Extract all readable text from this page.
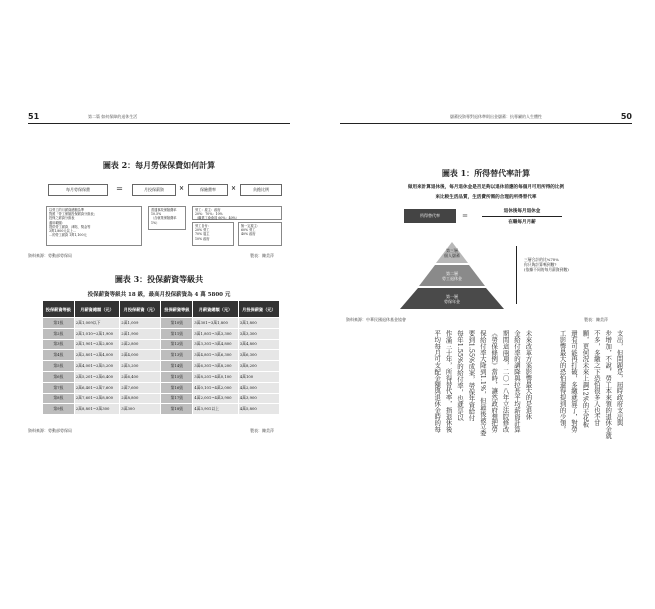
51	第二篇 如何保障的退休生活
圖表 2：每月勞保保費如何計算
每月勞保保費	＝	月投保薪資	×	保險費率	×	負擔比例
以勞工的月薪資總額為準
對照「勞工保險投保薪資分級表」
投保之薪資分級表
適用範圍：
提供勞工薪資、津貼、獎金等
3萬1,800元以上…
…的勞工薪資 1萬1,100元
普通事故保險費率
10.5%
（含就業保險費率1%）
勞工：雇主：政府
20%：70%：10%
（職業工會會員 60%：40%）
勞工自付：
20% 勞工
70% 雇主
10% 政府
無一定雇主：
60% 勞工
40% 政府
資料來源：勞動部勞保局	製表：陳美萍
圖表 3：投保薪資等級共
投保薪資等級共 18 級，最高月投保薪資為 4 萬 5800 元
投保薪資等級	月薪資總額（元）	月投保薪資（元）	投保薪資等級	月薪資總額（元）	月投保薪資（元）
第1級	2萬1,009以下	2萬1,009	第10級	3萬301~3萬1,800	3萬1,800
第2級	2萬1,010~2萬1,900	2萬1,900	第11級	3萬1,801~3萬3,300	3萬3,300
第3級	2萬1,901~2萬2,800	2萬2,800	第12級	3萬3,301~3萬4,800	3萬4,800
第4級	2萬2,801~2萬4,000	2萬4,000	第13級	3萬4,801~3萬6,300	3萬6,300
第5級	2萬4,001~2萬5,200	2萬5,200	第14級	3萬6,301~3萬8,200	3萬8,200
第6級	2萬5,201~2萬6,400	2萬6,400	第15級	3萬8,201~4萬0,100	4萬100
第7級	2萬6,401~2萬7,600	2萬7,600	第16級	4萬0,101~4萬2,000	4萬2,000
第8級	2萬7,601~2萬8,800	2萬8,800	第17級	4萬2,001~4萬3,900	4萬3,900
第9級	2萬8,801~3萬300	3萬300	第18級	4萬3,901以上	4萬5,800
資料來源：勞動部勞保局	製表：陳美萍
儲蓄投資專對退休準則出金儲蓄：抗專屬的人生體性	50
圖表 1：所得替代率計算
做用來計算退休後，每月退休金是否足夠以退休前應的每個月可用所得的比例
來比較生活品質，生活費所需的合理的所得替代率
所得替代率	＝
退休後每月退休金
在職每月月薪
第三層
個人儲蓄
第二層
勞工退休金
第一層
勞保年金
三層合計的比%70%
你只夠計算嗎到數?
(依據不同的每月薪資到數)
資料來源：中華民國退休基金協會	製表：陳美萍
支出，但問題是，屆時政府支出與
步增加，不說，勞工本來領的退休金就
不多，多繳之下恐怕很多人也不甘
願，更何況未來上調12%的天花板
還有可能再打破，多繳就算了，對勞
工影響最大的恐怕還得提到的少領。
未來改革方案影響最大的是退休
金給付率的調降與拉長平均薪資計算
期間這兩項，二〇一八年立法院修改
《勞保條例》當時，讓然政府想把勞
保給付率大降到1.1%，但最後被立委
要到1.55%成案，勞保年資給付
每年1.55%的給付率，也就是以
作滿三十年，所得替代率，指退休後
平均每月可支配金額與退休金時的每
